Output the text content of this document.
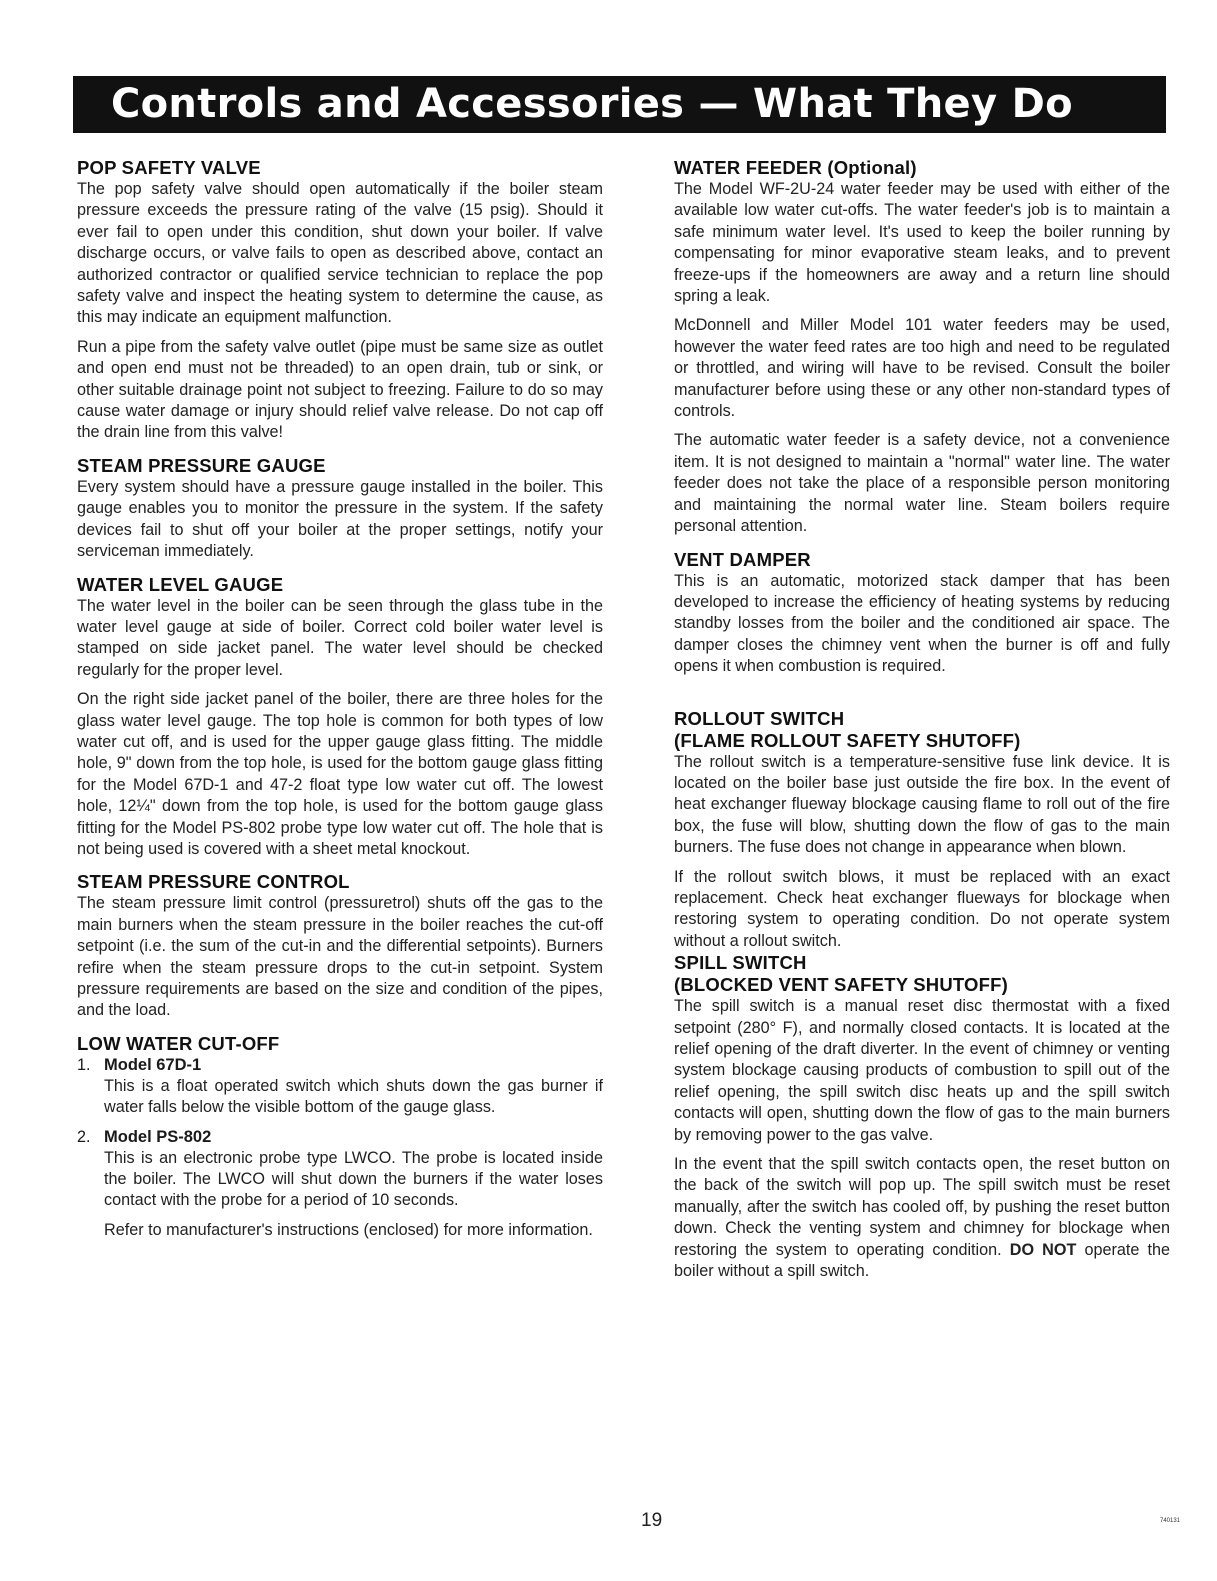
Controls and Accessories — What They Do
POP SAFETY VALVE

The pop safety valve should open automatically if the boiler steam pressure exceeds the pressure rating of the valve (15 psig). Should it ever fail to open under this condition, shut down your boiler. If valve discharge occurs, or valve fails to open as described above, contact an authorized contractor or qualified service technician to replace the pop safety valve and inspect the heating system to determine the cause, as this may indicate an equipment malfunction.

Run a pipe from the safety valve outlet (pipe must be same size as outlet and open end must not be threaded) to an open drain, tub or sink, or other suitable drainage point not subject to freezing. Failure to do so may cause water damage or injury should relief valve release. Do not cap off the drain line from this valve!

STEAM PRESSURE GAUGE

Every system should have a pressure gauge installed in the boiler. This gauge enables you to monitor the pressure in the system. If the safety devices fail to shut off your boiler at the proper settings, notify your serviceman immediately.

WATER LEVEL GAUGE

The water level in the boiler can be seen through the glass tube in the water level gauge at side of boiler. Correct cold boiler water level is stamped on side jacket panel. The water level should be checked regularly for the proper level.

On the right side jacket panel of the boiler, there are three holes for the glass water level gauge. The top hole is common for both types of low water cut off, and is used for the upper gauge glass fitting. The middle hole, 9" down from the top hole, is used for the bottom gauge glass fitting for the Model 67D-1 and 47-2 float type low water cut off. The lowest hole, 12¼" down from the top hole, is used for the bottom gauge glass fitting for the Model PS-802 probe type low water cut off. The hole that is not being used is covered with a sheet metal knockout.

STEAM PRESSURE CONTROL

The steam pressure limit control (pressuretrol) shuts off the gas to the main burners when the steam pressure in the boiler reaches the cut-off setpoint (i.e. the sum of the cut-in and the differential setpoints). Burners refire when the steam pressure drops to the cut-in setpoint. System pressure requirements are based on the size and condition of the pipes, and the load.

LOW WATER CUT-OFF
1. Model 67D-1

This is a float operated switch which shuts down the gas burner if water falls below the visible bottom of the gauge glass.

2. Model PS-802

This is an electronic probe type LWCO. The probe is located inside the boiler. The LWCO will shut down the burners if the water loses contact with the probe for a period of 10 seconds.

Refer to manufacturer's instructions (enclosed) for more information.

WATER FEEDER (Optional)

The Model WF-2U-24 water feeder may be used with either of the available low water cut-offs. The water feeder's job is to maintain a safe minimum water level. It's used to keep the boiler running by compensating for minor evaporative steam leaks, and to prevent freeze-ups if the homeowners are away and a return line should spring a leak.

McDonnell and Miller Model 101 water feeders may be used, however the water feed rates are too high and need to be regulated or throttled, and wiring will have to be revised. Consult the boiler manufacturer before using these or any other non-standard types of controls.

The automatic water feeder is a safety device, not a convenience item. It is not designed to maintain a "normal" water line. The water feeder does not take the place of a responsible person monitoring and maintaining the normal water line. Steam boilers require personal attention.

VENT DAMPER

This is an automatic, motorized stack damper that has been developed to increase the efficiency of heating systems by reducing standby losses from the boiler and the conditioned air space. The damper closes the chimney vent when the burner is off and fully opens it when combustion is required.

ROLLOUT SWITCH
(FLAME ROLLOUT SAFETY SHUTOFF)

The rollout switch is a temperature-sensitive fuse link device. It is located on the boiler base just outside the fire box. In the event of heat exchanger flueway blockage causing flame to roll out of the fire box, the fuse will blow, shutting down the flow of gas to the main burners. The fuse does not change in appearance when blown.

If the rollout switch blows, it must be replaced with an exact replacement. Check heat exchanger flueways for blockage when restoring system to operating condition. Do not operate system without a rollout switch.

SPILL SWITCH
(BLOCKED VENT SAFETY SHUTOFF)

The spill switch is a manual reset disc thermostat with a fixed setpoint (280° F), and normally closed contacts. It is located at the relief opening of the draft diverter. In the event of chimney or venting system blockage causing products of combustion to spill out of the relief opening, the spill switch disc heats up and the spill switch contacts will open, shutting down the flow of gas to the main burners by removing power to the gas valve.

In the event that the spill switch contacts open, the reset button on the back of the switch will pop up. The spill switch must be reset manually, after the switch has cooled off, by pushing the reset button down. Check the venting system and chimney for blockage when restoring the system to operating condition. DO NOT operate the boiler without a spill switch.

19	740131
